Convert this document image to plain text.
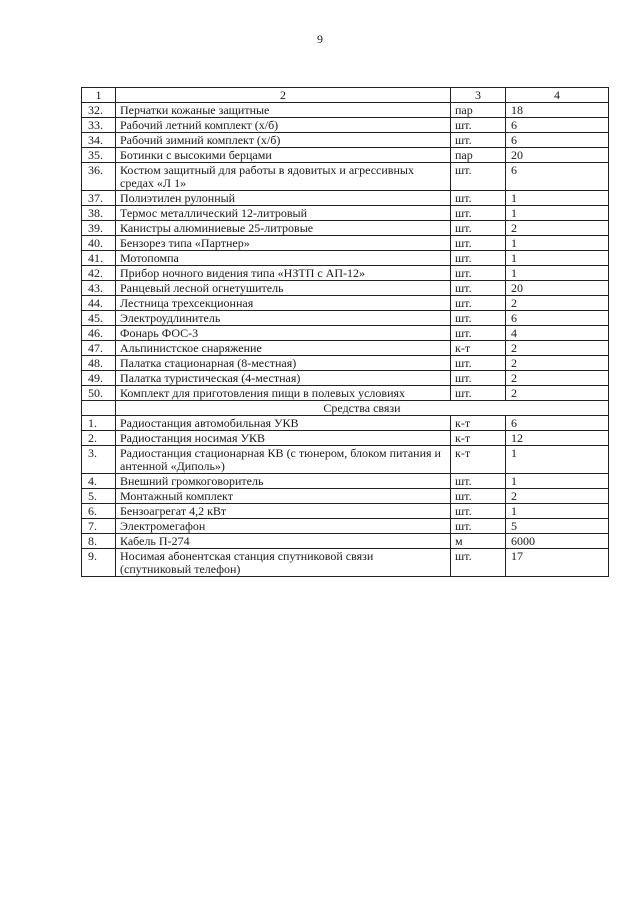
9
1	2	3	4
32.	Перчатки кожаные защитные	пар	18
33.	Рабочий летний комплект (х/б)	шт.	6
34.	Рабочий зимний комплект (х/б)	шт.	6
35.	Ботинки с высокими берцами	пар	20
36.	Костюм защитный для работы в ядовитых и агрессивных средах «Л 1»	шт.	6
37.	Полиэтилен рулонный	шт.	1
38.	Термос металлический 12-литровый	шт.	1
39.	Канистры алюминиевые 25-литровые	шт.	2
40.	Бензорез типа «Партнер»	шт.	1
41.	Мотопомпа	шт.	1
42.	Прибор ночного видения типа «НЗТП с АП-12»	шт.	1
43.	Ранцевый лесной огнетушитель	шт.	20
44.	Лестница трехсекционная	шт.	2
45.	Электроудлинитель	шт.	6
46.	Фонарь ФОС-3	шт.	4
47.	Альпинистское снаряжение	к-т	2
48.	Палатка стационарная (8-местная)	шт.	2
49.	Палатка туристическая (4-местная)	шт.	2
50.	Комплект для приготовления пищи в полевых условиях	шт.	2
	Средства связи		
1.	Радиостанция автомобильная УКВ	к-т	6
2.	Радиостанция носимая УКВ	к-т	12
3.	Радиостанция стационарная КВ (с тюнером, блоком питания и антенной «Диполь»)	к-т	1
4.	Внешний громкоговоритель	шт.	1
5.	Монтажный комплект	шт.	2
6.	Бензоагрегат 4,2 кВт	шт.	1
7.	Электромегафон	шт.	5
8.	Кабель П-274	м	6000
9.	Носимая абонентская станция спутниковой связи (спутниковый телефон)	шт.	17
